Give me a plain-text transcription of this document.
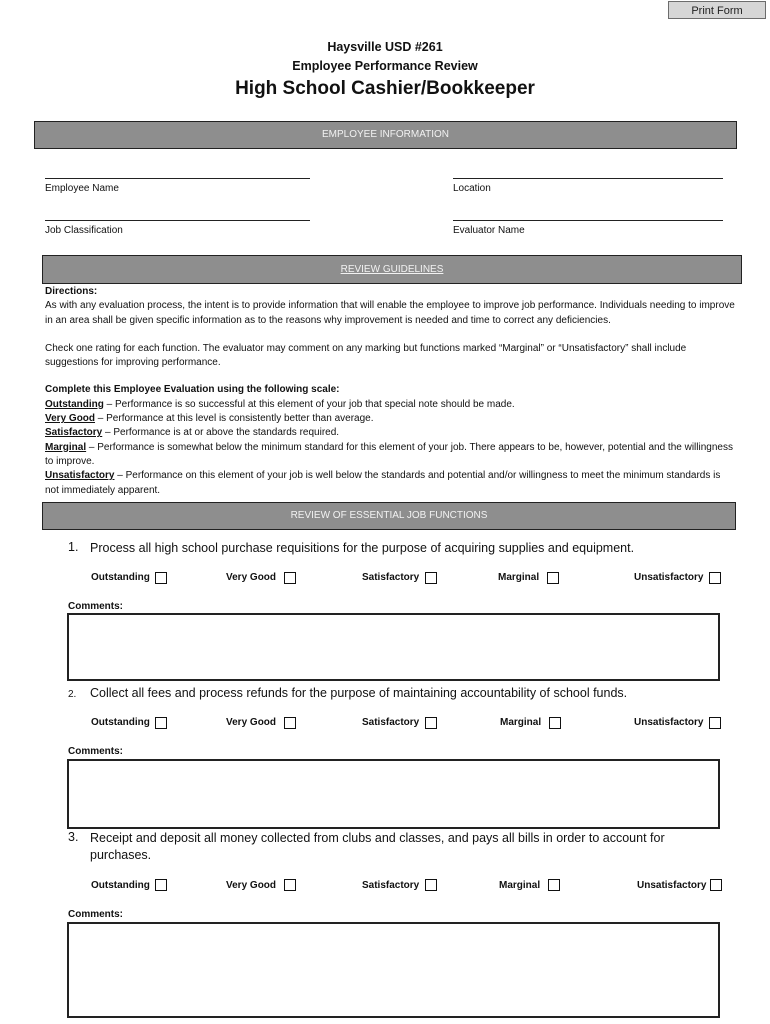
Print Form
Haysville USD #261
Employee Performance Review
High School Cashier/Bookkeeper
EMPLOYEE INFORMATION
Employee Name	Location
Job Classification	Evaluator Name
REVIEW GUIDELINES

Directions:

As with any evaluation process, the intent is to provide information that will enable the employee to improve job performance. Individuals needing to improve in an area shall be given specific information as to the reasons why improvement is needed and time to correct any deficiencies.

Check one rating for each function. The evaluator may comment on any marking but functions marked “Marginal” or “Unsatisfactory” shall include suggestions for improving performance.

Complete this Employee Evaluation using the following scale:

Outstanding – Performance is so successful at this element of your job that special note should be made.

Very Good – Performance at this level is consistently better than average.

Satisfactory – Performance is at or above the standards required.

Marginal – Performance is somewhat below the minimum standard for this element of your job. There appears to be, however, potential and the willingness to improve.

Unsatisfactory – Performance on this element of your job is well below the standards and potential and/or willingness to meet the minimum standards is not immediately apparent.

REVIEW OF ESSENTIAL JOB FUNCTIONS
1. Process all high school purchase requisitions for the purpose of acquiring supplies and equipment.
Outstanding	Very Good	Satisfactory	Marginal	Unsatisfactory
Comments:
2. Collect all fees and process refunds for the purpose of maintaining accountability of school funds.
Outstanding	Very Good	Satisfactory	Marginal	Unsatisfactory
Comments:
3. Receipt and deposit all money collected from clubs and classes, and pays all bills in order to account for purchases.
Outstanding	Very Good	Satisfactory	Marginal	Unsatisfactory
Comments:
